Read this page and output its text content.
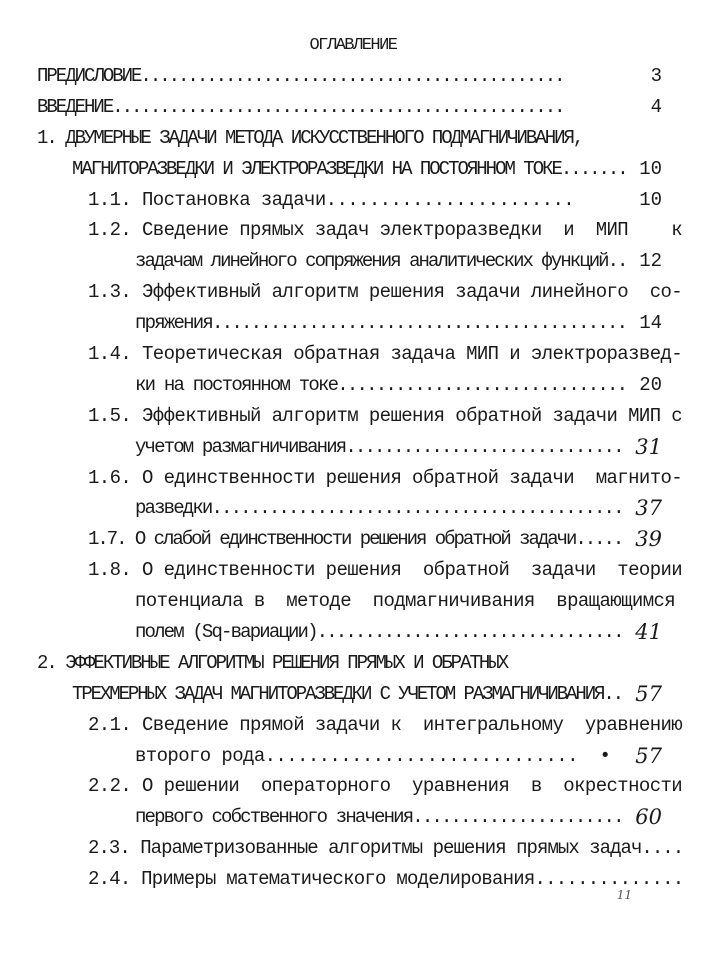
ОГЛАВЛЕНИЕ
ПРЕДИСЛОВИЕ.............................................	3
ВВЕДЕНИЕ................................................	4
1. ДВУМЕРНЫЕ ЗАДАЧИ МЕТОДА ИСКУССТВЕННОГО ПОДМАГНИЧИВАНИЯ,
МАГНИТОРАЗВЕДКИ И ЭЛЕКТРОРАЗВЕДКИ НА ПОСТОЯННОМ ТОКЕ....... 10
1.1. Постановка задачи.......................	10
1.2. Сведение прямых задач электроразведки  и  МИП    к
задачам линейного сопряжения аналитических функций.. 12
1.3. Эффективный алгоритм решения задачи линейного  со-
пряжения........................................... 14
1.4. Теоретическая обратная задача МИП и электроразвед-
ки на постоянном токе.............................. 20
1.5. Эффективный алгоритм решения обратной задачи МИП с
учетом размагничивания............................. 31
1.6. О единственности решения обратной задачи  магнито-
разведки........................................... 37
1.7. О слабой единственности решения обратной задачи..... 39
1.8. О единственности решения  обратной  задачи  теории
потенциала в  методе  подмагничивания  вращающимся
полем (Sq-вариации)................................ 41
2. ЭФФЕКТИВНЫЕ АЛГОРИТМЫ РЕШЕНИЯ ПРЯМЫХ И ОБРАТНЫХ
ТРЕХМЕРНЫХ ЗАДАЧ МАГНИТОРАЗВЕДКИ С УЧЕТОМ РАЗМАГНИЧИВАНИЯ.. 57
2.1. Сведение прямой задачи к  интегральному  уравнению
второго рода.............................  • 57
2.2. О решении  операторного  уравнения  в  окрестности
первого собственного значения...................... 60
2.3. Параметризованные алгоритмы решения прямых задач....
2.4. Примеры математического моделирования..............
11
